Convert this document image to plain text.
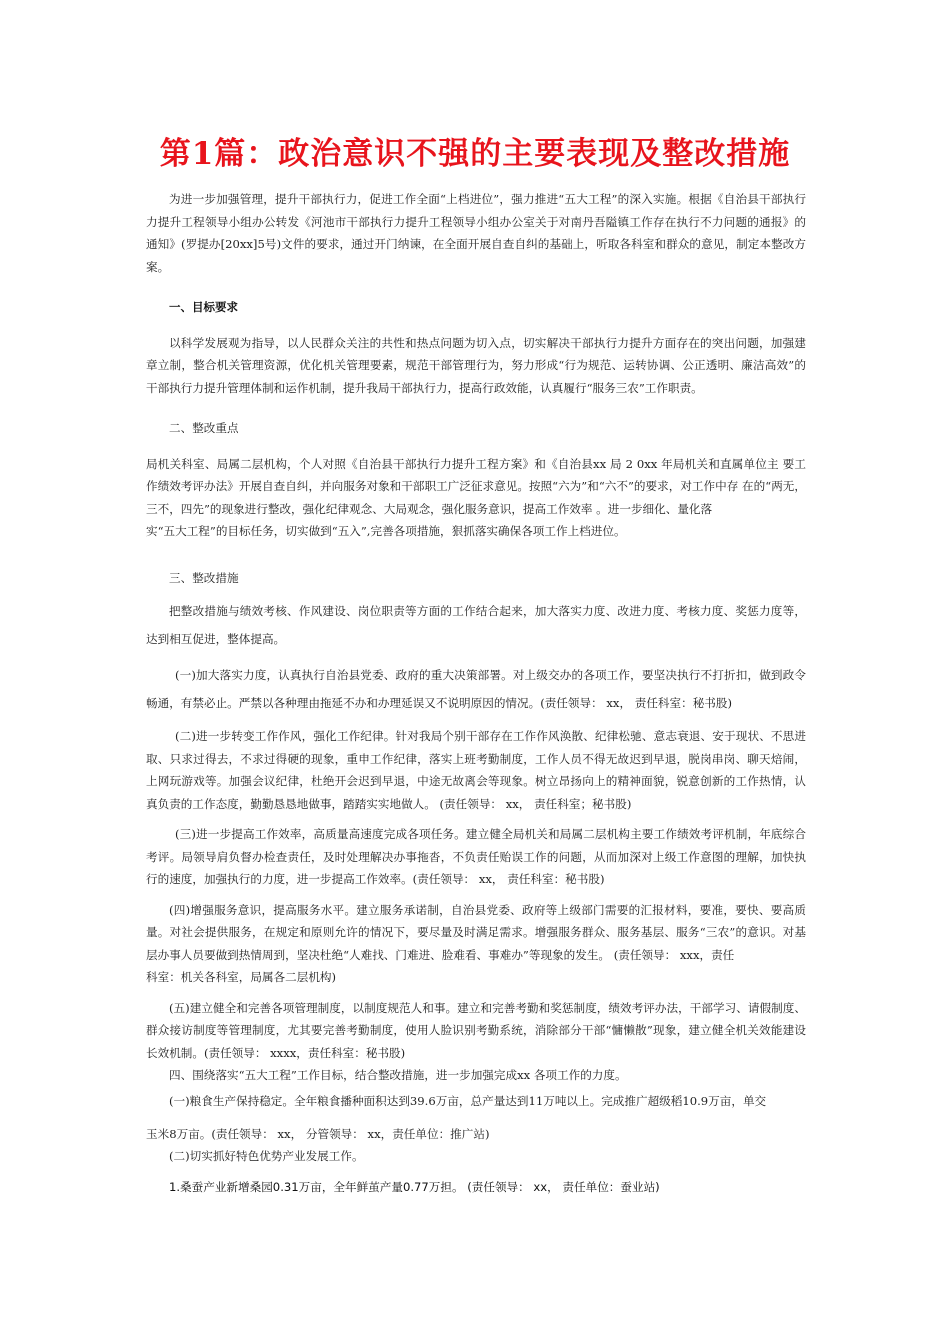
第1篇：政治意识不强的主要表现及整改措施

为进一步加强管理，提升干部执行力，促进工作全面“上档进位”，强力推进“五大工程”的深入实施。根据《自治县干部执行力提升工程领导小组办公转发《河池市干部执行力提升工程领导小组办公室关于对南丹吾隘镇工作存在执行不力问题的通报》的通知》(罗提办[20xx]5号)文件的要求，通过开门纳谏，在全面开展自查自纠的基础上，听取各科室和群众的意见，制定本整改方案。

一、目标要求

以科学发展观为指导，以人民群众关注的共性和热点问题为切入点，切实解决干部执行力提升方面存在的突出问题，加强建章立制，整合机关管理资源，优化机关管理要素，规范干部管理行为，努力形成“行为规范、运转协调、公正透明、廉洁高效”的干部执行力提升管理体制和运作机制，提升我局干部执行力，提高行政效能，认真履行“服务三农”工作职责。

二、整改重点

局机关科室、局属二层机构，个人对照《自治县干部执行力提升工程方案》和《自治县xx 局 2 0xx 年局机关和直属单位主 要工作绩效考评办法》开展自查自纠，并向服务对象和干部职工广泛征求意见。按照“六为”和“六不”的要求，对工作中存 在的“两无，三不，四先”的现象进行整改，强化纪律观念、大局观念，强化服务意识，提高工作效率 。进一步细化、量化落

实“五大工程”的目标任务，切实做到“五入”,完善各项措施，狠抓落实确保各项工作上档进位。

三、整改措施

把整改措施与绩效考核、作风建设、岗位职责等方面的工作结合起来，加大落实力度、改进力度、考核力度、奖惩力度等，达到相互促进，整体提高。

(一)加大落实力度，认真执行自治县党委、政府的重大决策部署。对上级交办的各项工作，要坚决执行不打折扣，做到政令畅通，有禁必止。严禁以各种理由拖延不办和办理延误又不说明原因的情况。(责任领导： xx， 责任科室：秘书股)

(二)进一步转变工作作风，强化工作纪律。针对我局个别干部存在工作作风涣散、纪律松驰、意志衰退、安于现状、不思进取、只求过得去，不求过得硬的现象，重申工作纪律，落实上班考勤制度，工作人员不得无故迟到早退，脱岗串岗、聊天焙闹，上网玩游戏等。加强会议纪律，杜绝开会迟到早退，中途无故离会等现象。树立昂扬向上的精神面貌，锐意创新的工作热情，认真负责的工作态度，勤勤恳恳地做事，踏踏实实地做人。 (责任领导： xx， 责任科室；秘书股)

(三)进一步提高工作效率，高质量高速度完成各项任务。建立健全局机关和局属二层机构主要工作绩效考评机制，年底综合考评。局领导肩负督办检查责任，及时处理解决办事拖沓，不负责任贻误工作的问题，从而加深对上级工作意图的理解，加快执行的速度，加强执行的力度，进一步提高工作效率。(责任领导： xx， 责任科室：秘书股)

(四)增强服务意识，提高服务水平。建立服务承诺制，自治县党委、政府等上级部门需要的汇报材料，要准，要快、要高质量。对社会提供服务，在规定和原则允许的情况下，要尽量及时满足需求。增强服务群众、服务基层、服务“三农”的意识。对基层办事人员要做到热情周到，坚决杜绝“人难找、门难进、脸难看、事难办”等现象的发生。 (责任领导： xxx，责任

科室：机关各科室，局属各二层机构)

(五)建立健全和完善各项管理制度，以制度规范人和事。建立和完善考勤和奖惩制度，绩效考评办法，干部学习、请假制度、群众接访制度等管理制度，尤其要完善考勤制度，使用人脸识别考勤系统，消除部分干部“慵懒散”现象，建立健全机关效能建设长效机制。(责任领导： xxxx，责任科室：秘书股)

四、围绕落实“五大工程”工作目标，结合整改措施，进一步加强完成xx 各项工作的力度。

(一)粮食生产保持稳定。全年粮食播种面积达到39.6万亩，总产量达到11万吨以上。完成推广超级稻10.9万亩，单交

玉米8万亩。(责任领导： xx， 分管领导： xx，责任单位：推广站)

(二)切实抓好特色优势产业发展工作。

1.桑蚕产业新增桑园0.31万亩，全年鲜茧产量0.77万担。 (责任领导： xx， 责任单位：蚕业站)
